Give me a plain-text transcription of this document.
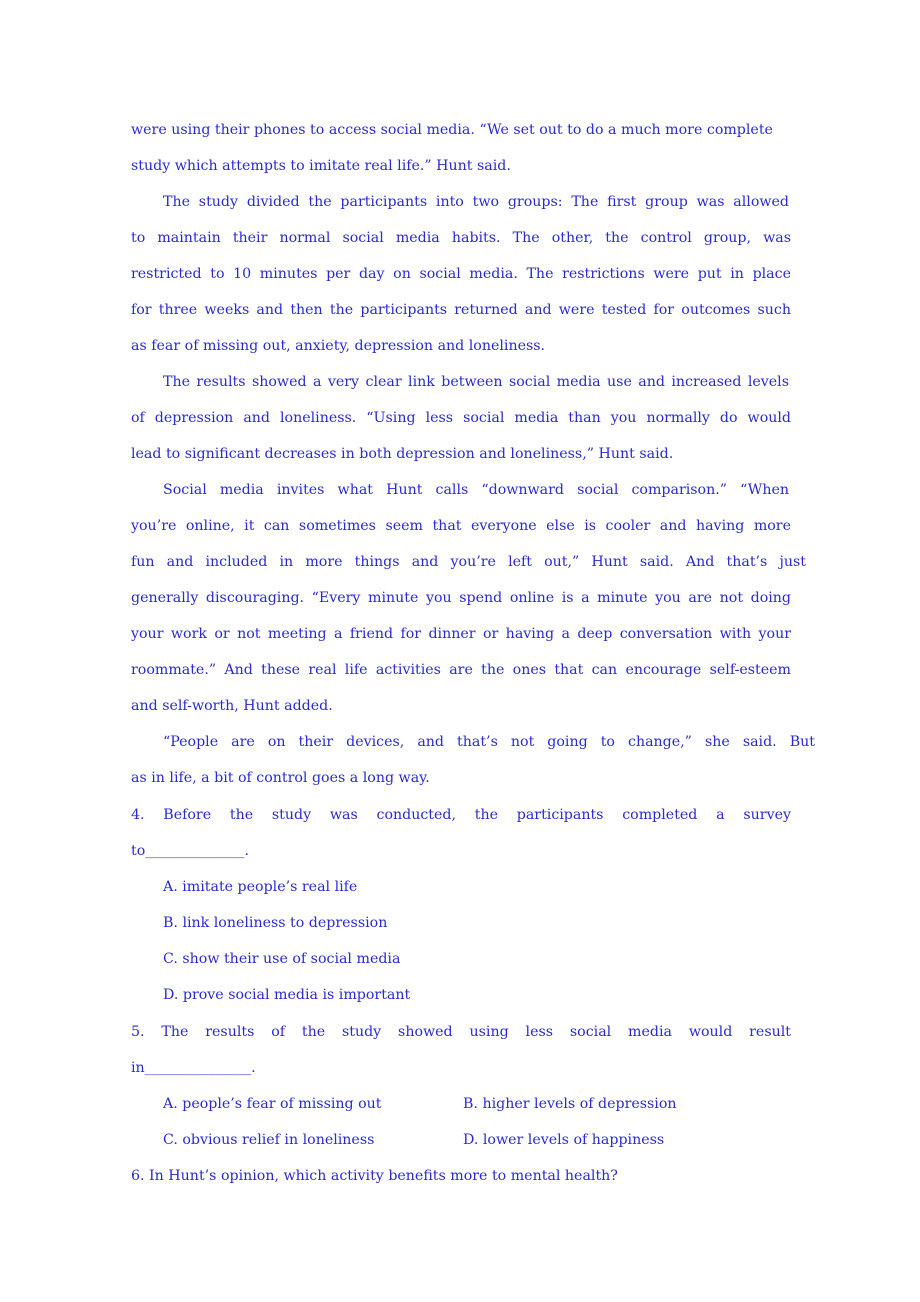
were using their phones to access social media. “We set out to do a much more complete
study which attempts to imitate real life.” Hunt said.
The study divided the participants into two groups: The first group was allowed
to maintain their normal social media habits. The other, the control group, was
restricted to 10 minutes per day on social media. The restrictions were put in place
for three weeks and then the participants returned and were tested for outcomes such
as fear of missing out, anxiety, depression and loneliness.
The results showed a very clear link between social media use and increased levels
of depression and loneliness. “Using less social media than you normally do would
lead to significant decreases in both depression and loneliness,” Hunt said.
Social media invites what Hunt calls “downward social comparison.” “When
you’re online, it can sometimes seem that everyone else is cooler and having more
fun and included in more things and you’re left out,” Hunt said. And that’s just
generally discouraging. “Every minute you spend online is a minute you are not doing
your work or not meeting a friend for dinner or having a deep conversation with your
roommate.” And these real life activities are the ones that can encourage self-esteem
and self-worth, Hunt added.
“People are on their devices, and that’s not going to change,” she said. But
as in life, a bit of control goes a long way.
4. Before the study was conducted, the participants completed a survey
to______________.
A. imitate people’s real life
B. link loneliness to depression
C. show their use of social media
D. prove social media is important
5. The results of the study showed using less social media would result
in_______________.
A. people’s fear of missing out	B. higher levels of depression
C. obvious relief in loneliness	D. lower levels of happiness
6. In Hunt’s opinion, which activity benefits more to mental health?
